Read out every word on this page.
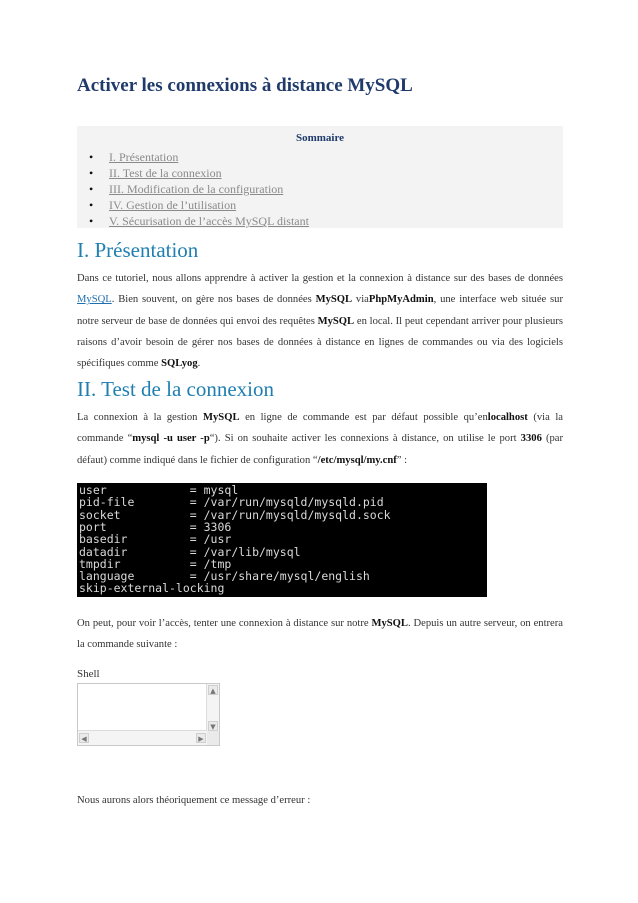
Activer les connexions à distance MySQL
Sommaire
• I. Présentation
• II. Test de la connexion
• III. Modification de la configuration
• IV. Gestion de l’utilisation
• V. Sécurisation de l’accès MySQL distant
I. Présentation

Dans ce tutoriel, nous allons apprendre à activer la gestion et la connexion à distance sur des bases de données MySQL. Bien souvent, on gère nos bases de données MySQL viaPhpMyAdmin, une interface web située sur notre serveur de base de données qui envoi des requêtes MySQL en local. Il peut cependant arriver pour plusieurs raisons d’avoir besoin de gérer nos bases de données à distance en lignes de commandes ou via des logiciels spécifiques comme SQLyog.

II. Test de la connexion

La connexion à la gestion MySQL en ligne de commande est par défaut possible qu’enlocalhost (via la commande “mysql -u user -p“). Si on souhaite activer les connexions à distance, on utilise le port 3306 (par défaut) comme indiqué dans le fichier de configuration “/etc/mysql/my.cnf” :

user            = mysql
pid-file        = /var/run/mysqld/mysqld.pid
socket          = /var/run/mysqld/mysqld.sock
port            = 3306
basedir         = /usr
datadir         = /var/lib/mysql
tmpdir          = /tmp
language        = /usr/share/mysql/english
skip-external-locking

On peut, pour voir l’accès, tenter une connexion à distance sur notre MySQL. Depuis un autre serveur, on entrera la commande suivante :

Shell
▲
▼
◀	▶

Nous aurons alors théoriquement ce message d’erreur :
